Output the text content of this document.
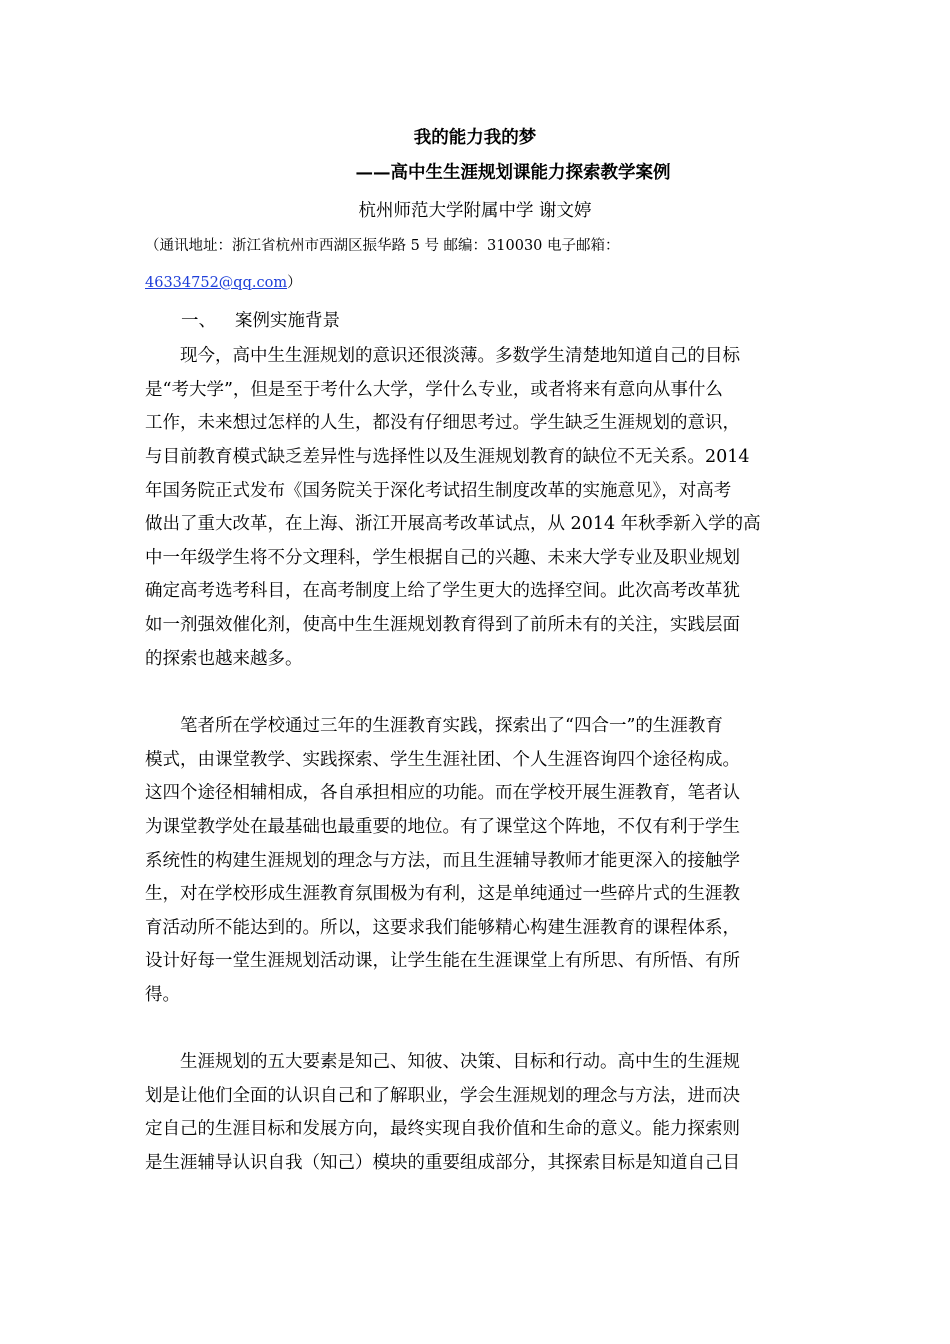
我的能力我的梦
——高中生生涯规划课能力探索教学案例
杭州师范大学附属中学 谢文婷
（通讯地址：浙江省杭州市西湖区振华路 5 号 邮编：310030 电子邮箱：
46334752@qq.com）
一、 案例实施背景
现今，高中生生涯规划的意识还很淡薄。多数学生清楚地知道自己的目标
是“考大学”，但是至于考什么大学，学什么专业，或者将来有意向从事什么
工作，未来想过怎样的人生，都没有仔细思考过。学生缺乏生涯规划的意识，
与目前教育模式缺乏差异性与选择性以及生涯规划教育的缺位不无关系。2014
年国务院正式发布《国务院关于深化考试招生制度改革的实施意见》，对高考
做出了重大改革，在上海、浙江开展高考改革试点，从 2014 年秋季新入学的高
中一年级学生将不分文理科，学生根据自己的兴趣、未来大学专业及职业规划
确定高考选考科目，在高考制度上给了学生更大的选择空间。此次高考改革犹
如一剂强效催化剂，使高中生生涯规划教育得到了前所未有的关注，实践层面
的探索也越来越多。
笔者所在学校通过三年的生涯教育实践，探索出了“四合一”的生涯教育
模式，由课堂教学、实践探索、学生生涯社团、个人生涯咨询四个途径构成。
这四个途径相辅相成，各自承担相应的功能。而在学校开展生涯教育，笔者认
为课堂教学处在最基础也最重要的地位。有了课堂这个阵地，不仅有利于学生
系统性的构建生涯规划的理念与方法，而且生涯辅导教师才能更深入的接触学
生，对在学校形成生涯教育氛围极为有利，这是单纯通过一些碎片式的生涯教
育活动所不能达到的。所以，这要求我们能够精心构建生涯教育的课程体系，
设计好每一堂生涯规划活动课，让学生能在生涯课堂上有所思、有所悟、有所
得。
生涯规划的五大要素是知己、知彼、决策、目标和行动。高中生的生涯规
划是让他们全面的认识自己和了解职业，学会生涯规划的理念与方法，进而决
定自己的生涯目标和发展方向，最终实现自我价值和生命的意义。能力探索则
是生涯辅导认识自我（知己）模块的重要组成部分，其探索目标是知道自己目
